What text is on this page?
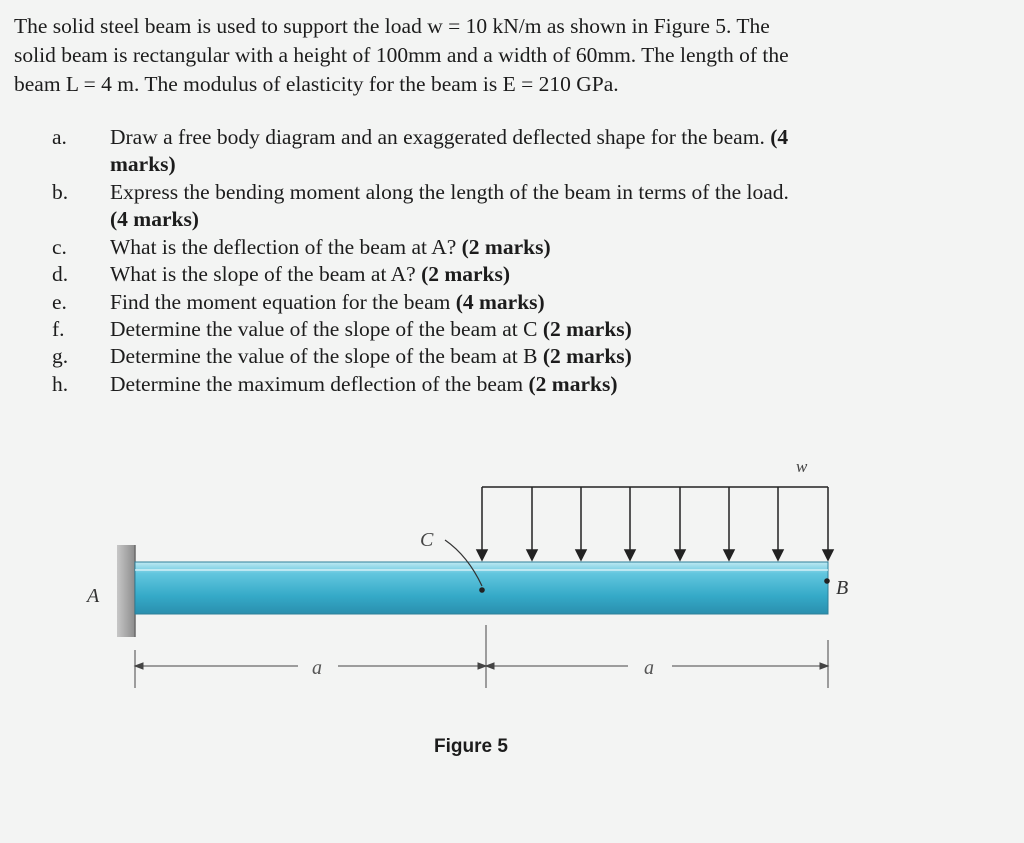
The solid steel beam is used to support the load w = 10 kN/m as shown in Figure 5. The
solid beam is rectangular with a height of 100mm and a width of 60mm. The length of the
beam L = 4 m. The modulus of elasticity for the beam is E = 210 GPa.

a. Draw a free body diagram and an exaggerated deflected shape for the beam. (4
marks)
b. Express the bending moment along the length of the beam in terms of the load.
(4 marks)
c. What is the deflection of the beam at A? (2 marks)
d. What is the slope of the beam at A? (2 marks)
e. Find the moment equation for the beam (4 marks)
f. Determine the value of the slope of the beam at C (2 marks)
g. Determine the value of the slope of the beam at B (2 marks)
h. Determine the maximum deflection of the beam (2 marks)
w
A	B
C
a	a
Figure 5
